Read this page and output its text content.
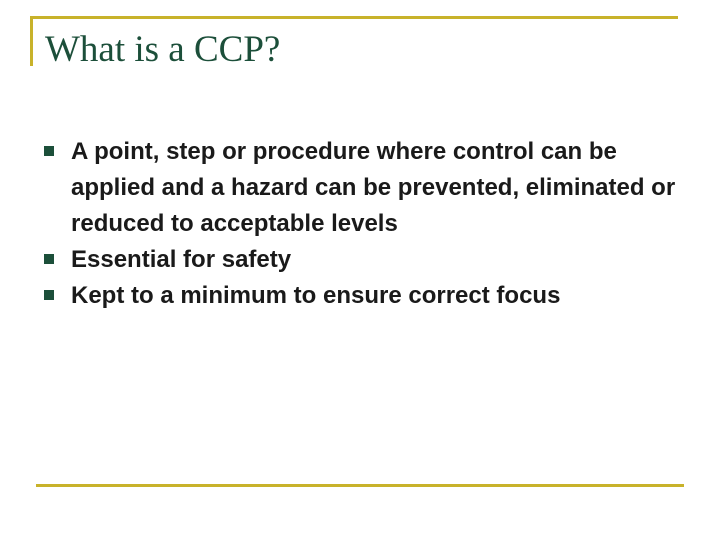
What is a CCP?
A point, step or procedure where control can be applied and a hazard can be prevented, eliminated or reduced to acceptable levels
Essential for safety
Kept to a minimum to ensure correct focus
